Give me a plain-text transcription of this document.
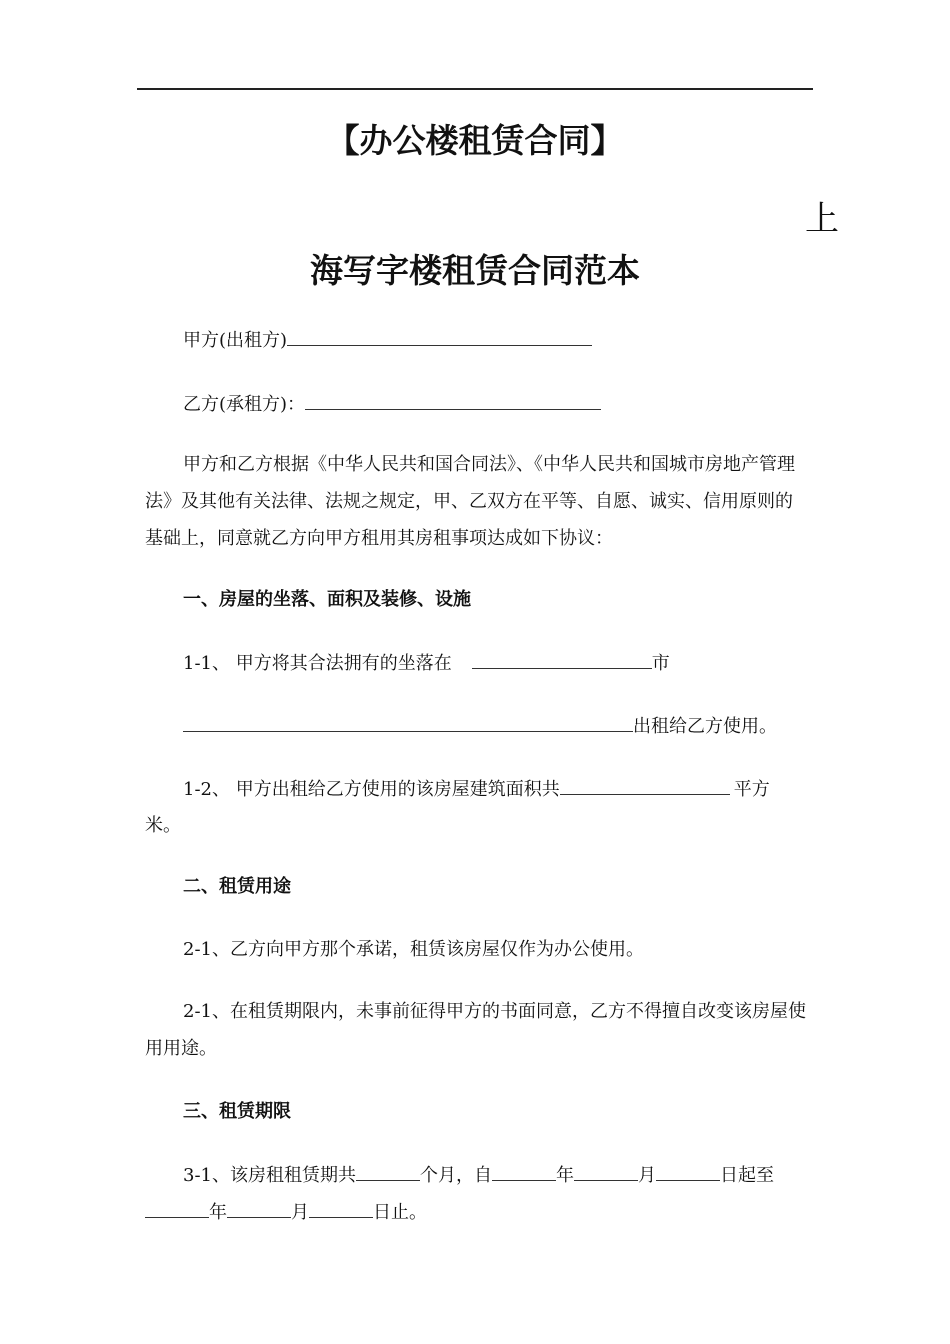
【办公楼租赁合同】
上
海写字楼租赁合同范本
甲方(出租方)
乙方(承租方)：
甲方和乙方根据《中华人民共和国合同法》、《中华人民共和国城市房地产管理法》及其他有关法律、法规之规定，甲、乙双方在平等、自愿、诚实、信用原则的基础上，同意就乙方向甲方租用其房租事项达成如下协议：
一、房屋的坐落、面积及装修、设施
1-1、 甲方将其合法拥有的坐落在	市
出租给乙方使用。
1-2、 甲方出租给乙方使用的该房屋建筑面积共	平方
米。
二、租赁用途
2-1、乙方向甲方那个承诺，租赁该房屋仅作为办公使用。
2-1、在租赁期限内，未事前征得甲方的书面同意，乙方不得擅自改变该房屋使用用途。
三、租赁期限
3-1、该房租租赁期共	个月，自	年	月	日起至
年	月	日止。
